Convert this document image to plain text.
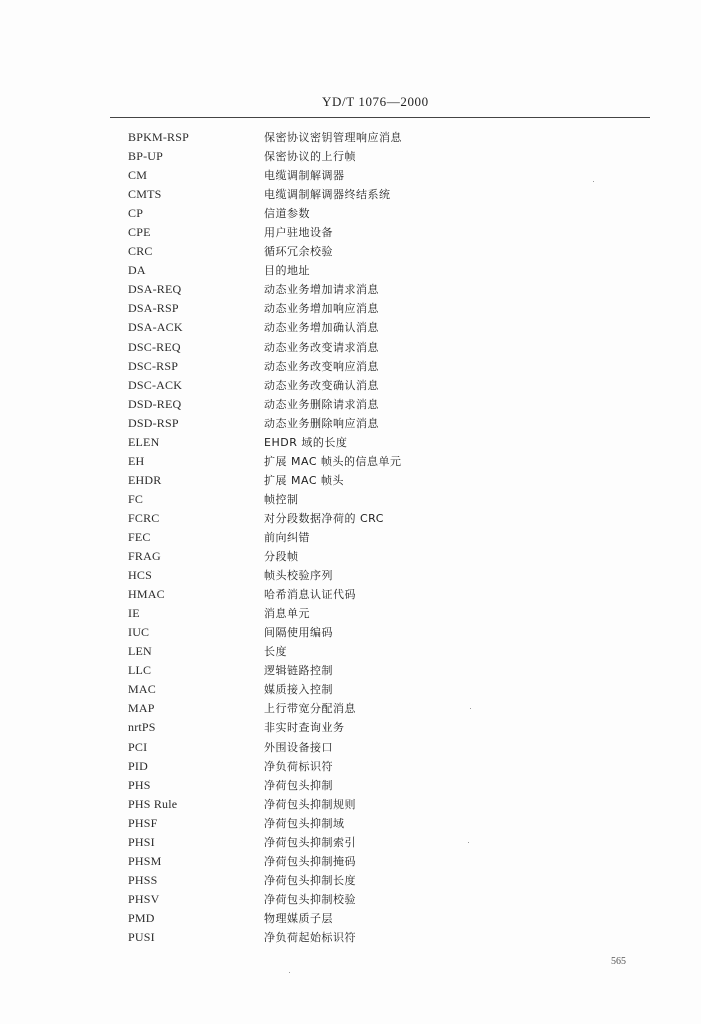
YD/T 1076—2000
BPKM-RSP	保密协议密钥管理响应消息
BP-UP	保密协议的上行帧
CM	电缆调制解调器
CMTS	电缆调制解调器终结系统
CP	信道参数
CPE	用户驻地设备
CRC	循环冗余校验
DA	目的地址
DSA-REQ	动态业务增加请求消息
DSA-RSP	动态业务增加响应消息
DSA-ACK	动态业务增加确认消息
DSC-REQ	动态业务改变请求消息
DSC-RSP	动态业务改变响应消息
DSC-ACK	动态业务改变确认消息
DSD-REQ	动态业务删除请求消息
DSD-RSP	动态业务删除响应消息
ELEN	EHDR 域的长度
EH	扩展 MAC 帧头的信息单元
EHDR	扩展 MAC 帧头
FC	帧控制
FCRC	对分段数据净荷的 CRC
FEC	前向纠错
FRAG	分段帧
HCS	帧头校验序列
HMAC	哈希消息认证代码
IE	消息单元
IUC	间隔使用编码
LEN	长度
LLC	逻辑链路控制
MAC	媒质接入控制
MAP	上行带宽分配消息
nrtPS	非实时查询业务
PCI	外围设备接口
PID	净负荷标识符
PHS	净荷包头抑制
PHS Rule	净荷包头抑制规则
PHSF	净荷包头抑制域
PHSI	净荷包头抑制索引
PHSM	净荷包头抑制掩码
PHSS	净荷包头抑制长度
PHSV	净荷包头抑制校验
PMD	物理媒质子层
PUSI	净负荷起始标识符
565
